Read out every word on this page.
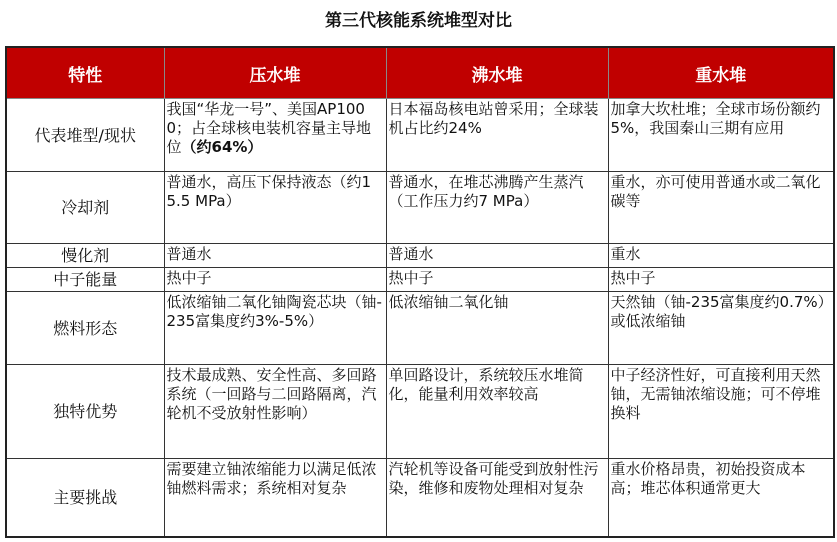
第三代核能系统堆型对比
特性	压水堆	沸水堆	重水堆
代表堆型/现状	我国“华龙一号”、美国AP1000；占全球核电装机容量主导地位（约64%）	日本福岛核电站曾采用；全球装机占比约24%	加拿大坎杜堆；全球市场份额约5%，我国秦山三期有应用
冷却剂	普通水，高压下保持液态（约15.5 MPa）	普通水，在堆芯沸腾产生蒸汽（工作压力约7 MPa）	重水，亦可使用普通水或二氧化碳等
慢化剂	普通水	普通水	重水
中子能量	热中子	热中子	热中子
燃料形态	低浓缩铀二氧化铀陶瓷芯块（铀-235富集度约3%-5%）	低浓缩铀二氧化铀	天然铀（铀-235富集度约0.7%）或低浓缩铀
独特优势	技术最成熟、安全性高、多回路系统（一回路与二回路隔离，汽轮机不受放射性影响）	单回路设计，系统较压水堆简化，能量利用效率较高	中子经济性好，可直接利用天然铀，无需铀浓缩设施；可不停堆换料
主要挑战	需要建立铀浓缩能力以满足低浓铀燃料需求；系统相对复杂	汽轮机等设备可能受到放射性污染，维修和废物处理相对复杂	重水价格昂贵，初始投资成本高；堆芯体积通常更大
